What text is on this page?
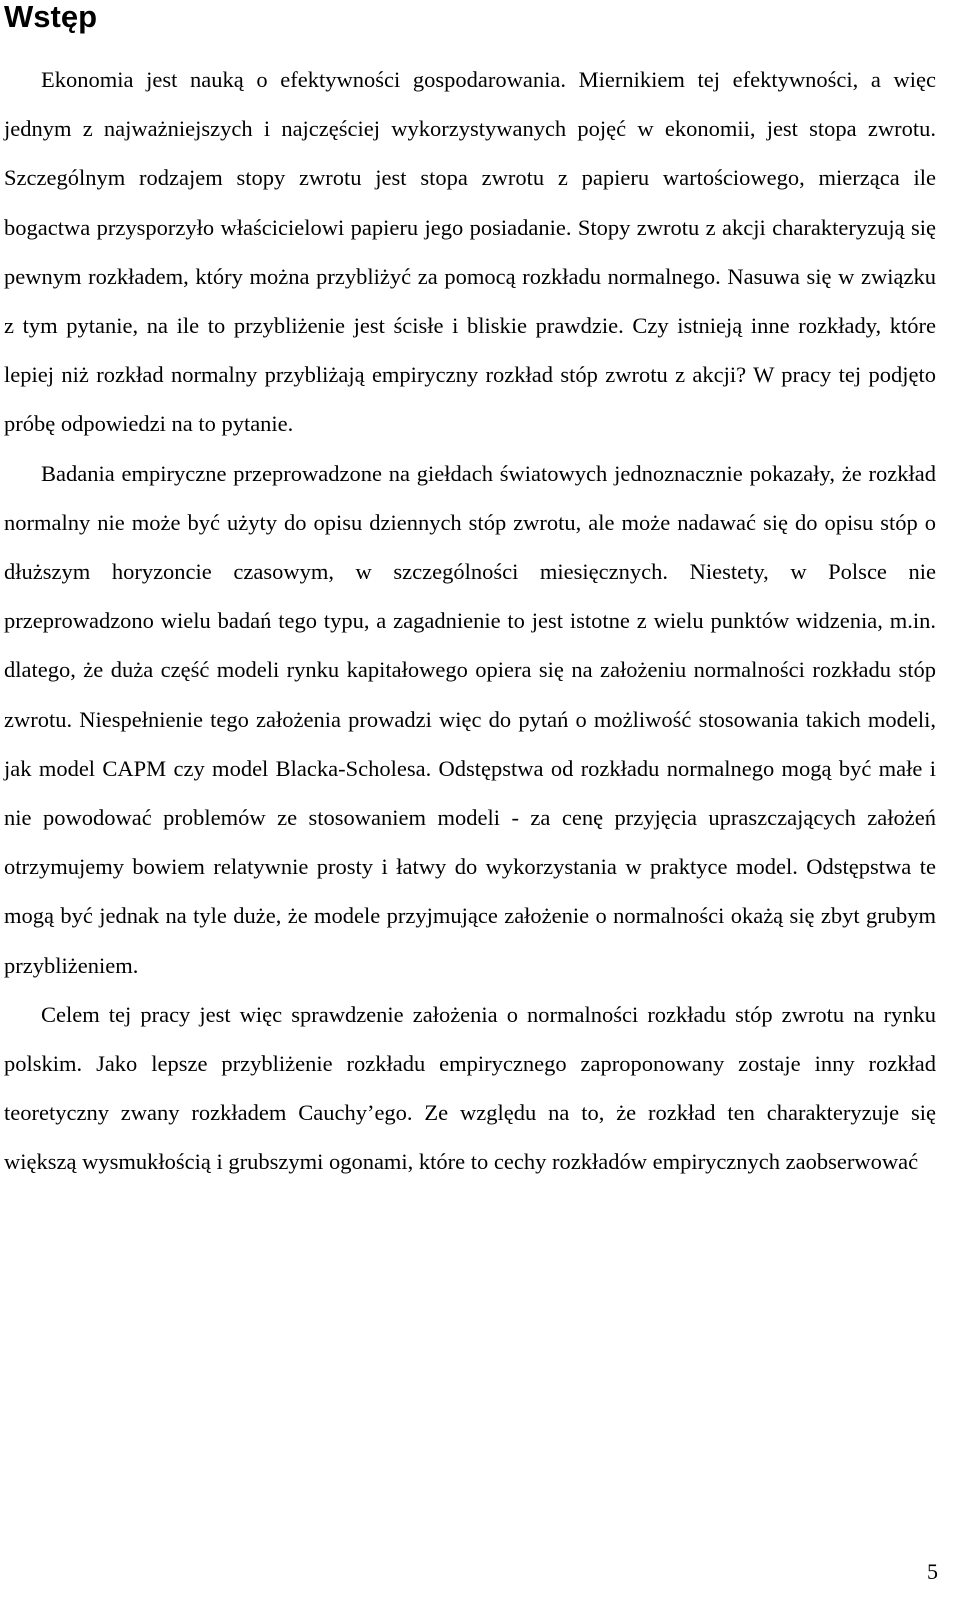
Wstęp

Ekonomia jest nauką o efektywności gospodarowania. Miernikiem tej efektywności, a więc jednym z najważniejszych i najczęściej wykorzystywanych pojęć w ekonomii, jest stopa zwrotu. Szczególnym rodzajem stopy zwrotu jest stopa zwrotu z papieru wartościowego, mierząca ile bogactwa przysporzyło właścicielowi papieru jego posiadanie. Stopy zwrotu z akcji charakteryzują się pewnym rozkładem, który można przybliżyć za pomocą rozkładu normalnego. Nasuwa się w związku z tym pytanie, na ile to przybliżenie jest ścisłe i bliskie prawdzie. Czy istnieją inne rozkłady, które lepiej niż rozkład normalny przybliżają empiryczny rozkład stóp zwrotu z akcji? W pracy tej podjęto próbę odpowiedzi na to pytanie.

Badania empiryczne przeprowadzone na giełdach światowych jednoznacznie pokazały, że rozkład normalny nie może być użyty do opisu dziennych stóp zwrotu, ale może nadawać się do opisu stóp o dłuższym horyzoncie czasowym, w szczególności miesięcznych. Niestety, w Polsce nie przeprowadzono wielu badań tego typu, a zagadnienie to jest istotne z wielu punktów widzenia, m.in. dlatego, że duża część modeli rynku kapitałowego opiera się na założeniu normalności rozkładu stóp zwrotu. Niespełnienie tego założenia prowadzi więc do pytań o możliwość stosowania takich modeli, jak model CAPM czy model Blacka-Scholesa. Odstępstwa od rozkładu normalnego mogą być małe i nie powodować problemów ze stosowaniem modeli - za cenę przyjęcia upraszczających założeń otrzymujemy bowiem relatywnie prosty i łatwy do wykorzystania w praktyce model. Odstępstwa te mogą być jednak na tyle duże, że modele przyjmujące założenie o normalności okażą się zbyt grubym przybliżeniem.

Celem tej pracy jest więc sprawdzenie założenia o normalności rozkładu stóp zwrotu na rynku polskim. Jako lepsze przybliżenie rozkładu empirycznego zaproponowany zostaje inny rozkład teoretyczny zwany rozkładem Cauchy’ego. Ze względu na to, że rozkład ten charakteryzuje się większą wysmukłością i grubszymi ogonami, które to cechy rozkładów empirycznych zaobserwować

5
